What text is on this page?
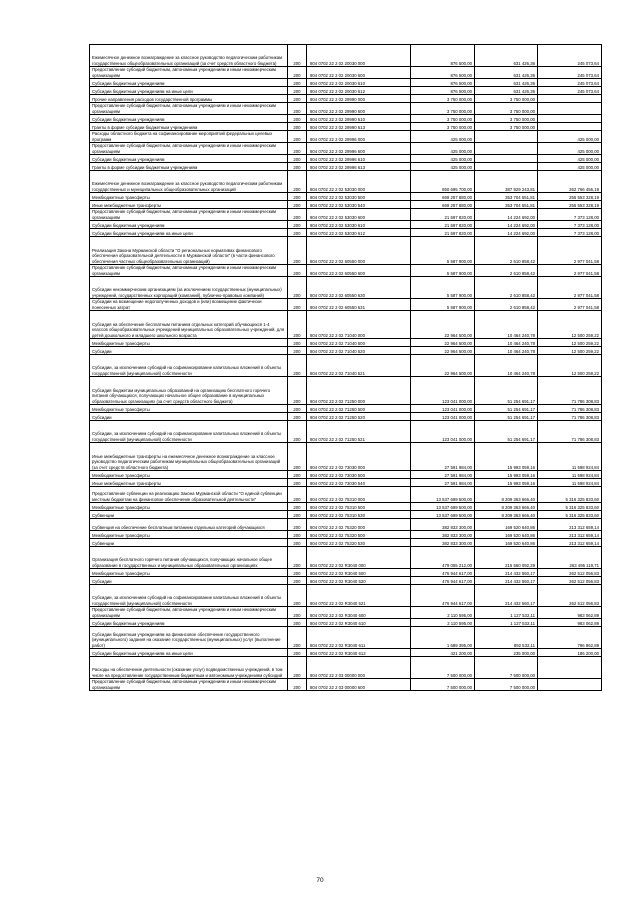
Ежемесячное денежное вознаграждение за классное руководство педагогическим работникам государственных общеобразовательных организаций (за счет средств областного бюджета)	200	804 0702 22 2 02 20030 000	876 500,00	631 426,36	245 073,64
Предоставление субсидий бюджетным, автономным учреждениям и иным некоммерческим организациям	200	804 0702 22 2 02 20030 600	876 500,00	631 426,36	245 073,64
Субсидии бюджетным учреждениям	200	804 0702 22 2 02 20030 610	876 500,00	631 426,36	245 073,64
Субсидии бюджетным учреждениям на иные цели	200	804 0702 22 2 02 20030 612	876 500,00	631 426,36	245 073,64
Прочие направления расходов государственной программы	200	804 0702 22 2 02 29990 000	3 750 000,00	3 750 000,00	
Предоставление субсидий бюджетным, автономным учреждениям и иным некоммерческим организациям	200	804 0702 22 2 02 29990 600	3 750 000,00	3 750 000,00	
Субсидии бюджетным учреждениям	200	804 0702 22 2 02 29990 610	3 750 000,00	3 750 000,00	
Гранты в форме субсидии бюджетным учреждениям	200	804 0702 22 2 02 29990 613	3 750 000,00	3 750 000,00	
Расходы областного бюджета на софинансирование мероприятий федеральных целевых программ	200	804 0702 22 2 02 29996 000	425 000,00		425 000,00
Предоставление субсидий бюджетным, автономным учреждениям и иным некоммерческим организациям	200	804 0702 22 2 02 29996 600	425 000,00		425 000,00
Субсидии бюджетным учреждениям	200	804 0702 22 2 02 29996 610	425 000,00		425 000,00
Гранты в форме субсидии бюджетным учреждениям	200	804 0702 22 2 02 29996 613	425 000,00		425 000,00
Ежемесячное денежное вознаграждение за классное руководство педагогическим работникам государственных и муниципальных общеобразовательных организаций	200	804 0702 22 2 02 53030 000	650 695 700,00	387 929 243,81	262 766 456,19
Межбюджетные трансферты	200	804 0702 22 2 02 53030 500	669 257 880,00	353 704 551,81	255 553 328,19
Иные межбюджетные трансферты	200	804 0702 22 2 02 53030 540	669 257 880,00	353 704 551,81	255 553 328,19
Предоставление субсидий бюджетным, автономным учреждениям и иным некоммерческим организациям	200	804 0702 22 2 02 53030 600	21 597 820,00	14 224 692,00	7 373 128,00
Субсидии бюджетным учреждениям	200	804 0702 22 2 02 53030 610	21 597 820,00	14 224 692,00	7 373 128,00
Субсидии бюджетным учреждениям на иные цели	200	804 0702 22 2 02 53030 612	21 597 820,00	14 224 692,00	7 373 128,00
Реализация Закона Мурманской области "О региональных нормативах финансового обеспечения образовательной деятельности в Мурманской области" (в части финансового обеспечения частных общеобразовательных организаций)	200	804 0702 22 2 02 60550 000	5 587 900,00	2 610 858,42	2 977 041,58
Предоставление субсидий бюджетным, автономным учреждениям и иным некоммерческим организациям	200	804 0702 22 2 02 60550 600	5 587 900,00	2 610 858,42	2 977 041,58
Субсидии некоммерческим организациям (за исключением государственных (муниципальных) учреждений, государственных корпораций (компаний), публично-правовых компаний)	200	804 0702 22 2 02 60550 630	5 587 900,00	2 610 858,42	2 977 041,58
Субсидии на возмещение недополученных доходов и (или) возмещение фактически понесенных затрат	200	804 0702 22 2 02 60550 631	5 587 900,00	2 610 858,42	2 977 041,58
Субсидия на обеспечение бесплатным питанием отдельных категорий обучающихся 1-4 классов общеобразовательных учреждений муниципальных образовательных учреждений, для детей дошкольного и младшего школьного возраста	200	804 0702 22 2 02 71040 000	22 964 500,00	10 464 240,78	12 500 259,22
Межбюджетные трансферты	200	804 0702 22 2 02 71040 500	22 964 500,00	10 464 240,78	12 500 259,22
Субсидии	200	804 0702 22 2 02 71040 520	22 964 500,00	10 464 240,78	12 500 259,22
Субсидии, за исключением субсидий на софинансирование капитальных вложений в объекты государственной (муниципальной) собственности	200	804 0702 22 2 02 71040 521	22 964 500,00	10 464 240,78	12 500 259,22
Субсидия бюджетам муниципальных образований на организацию бесплатного горячего питания обучающихся, получающих начальное общее образование в муниципальных образовательных организациях (за счет средств областного бюджета)	200	804 0702 22 2 02 71250 000	123 041 000,00	51 254 691,17	71 786 308,83
Межбюджетные трансферты	200	804 0702 22 2 02 71250 500	123 041 000,00	51 254 691,17	71 786 308,83
Субсидии	200	804 0702 22 2 02 71250 520	123 041 000,00	51 254 691,17	71 786 308,83
Субсидии, за исключением субсидий на софинансирование капитальных вложений в объекты государственной (муниципальной) собственности	200	804 0702 22 2 02 71250 521	123 041 000,00	51 254 691,17	71 786 308,83
Иные межбюджетные трансферты на ежемесячное денежное вознаграждение за классное руководство педагогическим работникам муниципальных общеобразовательных организаций (за счет средств областного бюджета)	200	804 0702 22 2 02 73030 000	27 591 984,00	15 993 059,16	11 598 924,84
Межбюджетные трансферты	200	804 0702 22 2 02 73030 500	27 591 984,00	15 993 059,16	11 598 924,84
Иные межбюджетные трансферты	200	804 0702 22 2 02 73030 540	27 591 984,00	15 993 059,16	11 598 924,84
Предоставление субвенции на реализацию Закона Мурманской области "О единой субвенции местным бюджетам на финансовое обеспечение образовательной деятельности"	200	804 0702 22 2 02 75310 000	13 537 699 500,00	8 209 363 666,40	5 316 325 833,60
Межбюджетные трансферты	200	804 0702 22 2 02 75310 500	13 537 699 500,00	8 209 363 666,40	5 316 325 833,60
Субвенции	200	804 0702 22 2 02 75310 530	13 537 699 500,00	8 209 363 666,40	5 316 325 833,60
Субвенция на обеспечение бесплатным питанием отдельных категорий обучающихся	200	804 0702 22 2 02 75320 000	382 833 300,00	169 520 640,86	213 312 659,14
Межбюджетные трансферты	200	804 0702 22 2 02 75320 500	382 833 300,00	169 520 640,86	213 312 659,14
Субвенции	200	804 0702 22 2 02 75320 530	382 833 300,00	169 520 640,86	213 312 659,14
Организация бесплатного горячего питания обучающихся, получающих начальное общее образование в государственных и муниципальных образовательных организациях	200	804 0702 22 2 02 R3040 000	479 055 212,00	215 560 092,29	263 495 119,71
Межбюджетные трансферты	200	804 0702 22 2 02 R3040 500	476 944 617,00	214 432 560,17	262 512 056,83
Субсидии	200	804 0702 22 2 02 R3040 520	476 944 617,00	214 432 560,17	262 512 056,83
Субсидии, за исключением субсидий на софинансирование капитальных вложений в объекты государственной (муниципальной) собственности	200	804 0702 22 2 02 R3040 521	476 944 617,00	214 432 560,17	262 512 056,83
Предоставление субсидий бюджетным, автономным учреждениям и иным некоммерческим организациям	200	804 0702 22 2 02 R3040 600	2 110 595,00	1 127 532,11	983 062,89
Субсидии бюджетным учреждениям	200	804 0702 22 2 02 R3040 610	2 110 595,00	1 127 532,11	983 062,89
Субсидии бюджетным учреждениям на финансовое обеспечение государственного (муниципального) задания на оказание государственных (муниципальных) услуг (выполнение работ)	200	804 0702 22 2 02 R3040 611	1 689 395,00	892 532,11	796 862,89
Субсидии бюджетным учреждениям на иные цели	200	804 0702 22 2 02 R3040 612	421 200,00	235 000,00	186 200,00
Расходы на обеспечение деятельности (оказание услуг) подведомственных учреждений, в том числе на предоставление государственным бюджетным и автономным учреждениям субсидий	200	804 0702 22 2 03 00000 000	7 500 000,00	7 500 000,00	
Предоставление субсидий бюджетным, автономным учреждениям и иным некоммерческим организациям	200	804 0702 22 2 03 00000 600	7 500 000,00	7 500 000,00	
70
